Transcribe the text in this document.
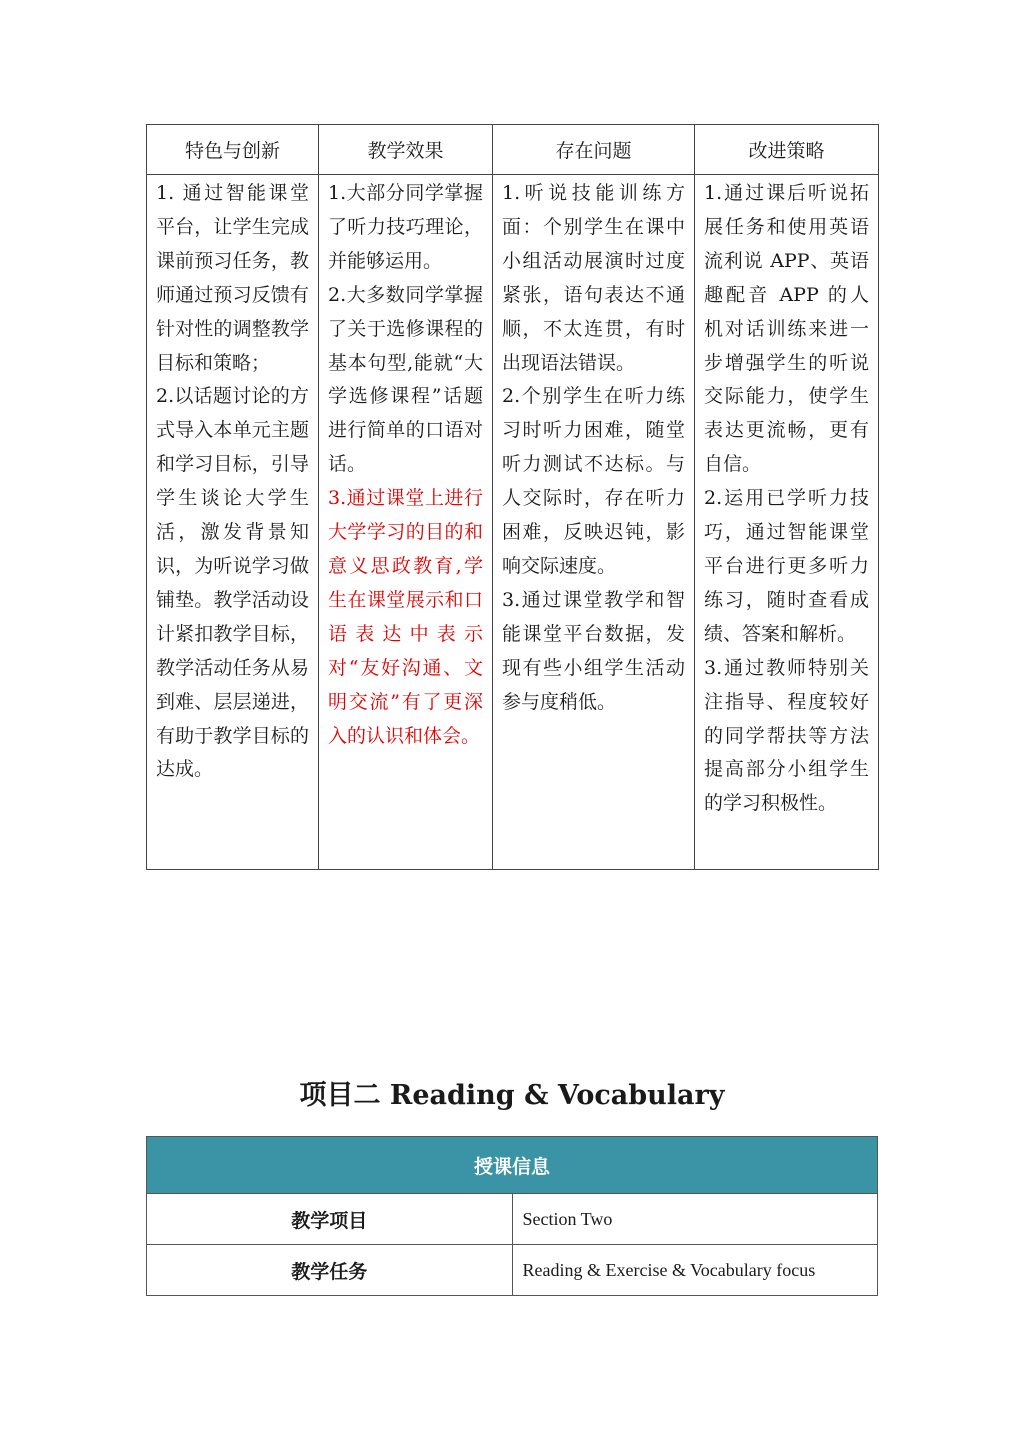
特色与创新	教学效果	存在问题	改进策略

1. 通过智能课堂平台，让学生完成课前预习任务，教师通过预习反馈有针对性的调整教学目标和策略；
2.以话题讨论的方式导入本单元主题和学习目标，引导学生谈论大学生活，激发背景知识，为听说学习做铺垫。教学活动设计紧扣教学目标，教学活动任务从易到难、层层递进，有助于教学目标的达成。	1.大部分同学掌握了听力技巧理论，并能够运用。
2.大多数同学掌握了关于选修课程的基本句型,能就“大学选修课程”话题进行简单的口语对话。
3.通过课堂上进行大学学习的目的和意义思政教育,学生在课堂展示和口语表达中表示对“友好沟通、文明交流”有了更深入的认识和体会。	1.听说技能训练方面：个别学生在课中小组活动展演时过度紧张，语句表达不通顺，不太连贯，有时出现语法错误。
2.个别学生在听力练习时听力困难，随堂听力测试不达标。与人交际时，存在听力困难，反映迟钝，影响交际速度。
3.通过课堂教学和智能课堂平台数据，发现有些小组学生活动参与度稍低。	1.通过课后听说拓展任务和使用英语流利说 APP、英语趣配音 APP 的人机对话训练来进一步增强学生的听说交际能力，使学生表达更流畅，更有自信。
2.运用已学听力技巧，通过智能课堂平台进行更多听力练习，随时查看成绩、答案和解析。
3.通过教师特别关注指导、程度较好的同学帮扶等方法提高部分小组学生的学习积极性。
项目二 Reading & Vocabulary
授课信息	
教学项目	Section Two
教学任务	Reading & Exercise & Vocabulary focus
